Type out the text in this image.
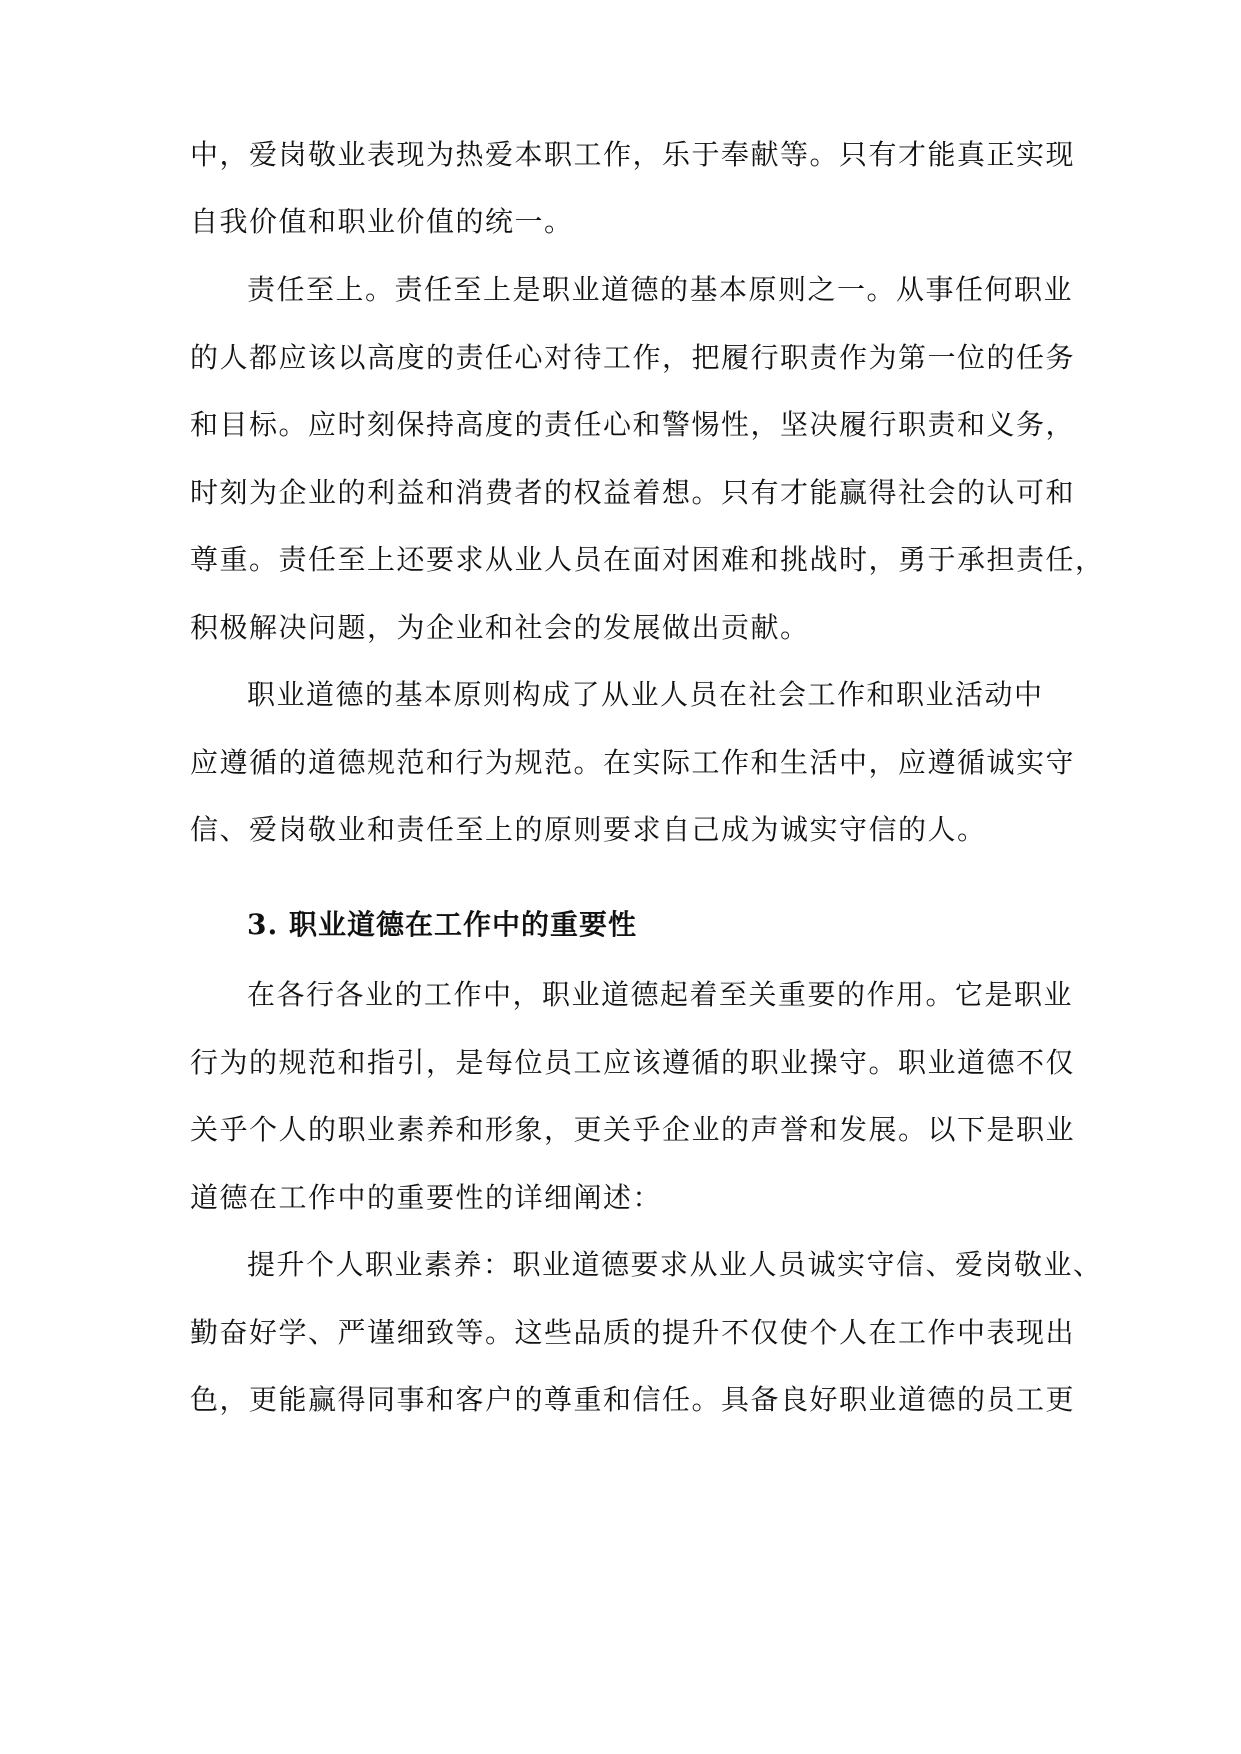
中，爱岗敬业表现为热爱本职工作，乐于奉献等。只有才能真正实现
自我价值和职业价值的统一。
责任至上。责任至上是职业道德的基本原则之一。从事任何职业
的人都应该以高度的责任心对待工作，把履行职责作为第一位的任务
和目标。应时刻保持高度的责任心和警惕性，坚决履行职责和义务，
时刻为企业的利益和消费者的权益着想。只有才能赢得社会的认可和
尊重。责任至上还要求从业人员在面对困难和挑战时，勇于承担责任，
积极解决问题，为企业和社会的发展做出贡献。
职业道德的基本原则构成了从业人员在社会工作和职业活动中
应遵循的道德规范和行为规范。在实际工作和生活中，应遵循诚实守
信、爱岗敬业和责任至上的原则要求自己成为诚实守信的人。
3. 职业道德在工作中的重要性
在各行各业的工作中，职业道德起着至关重要的作用。它是职业
行为的规范和指引，是每位员工应该遵循的职业操守。职业道德不仅
关乎个人的职业素养和形象，更关乎企业的声誉和发展。以下是职业
道德在工作中的重要性的详细阐述：
提升个人职业素养：职业道德要求从业人员诚实守信、爱岗敬业、
勤奋好学、严谨细致等。这些品质的提升不仅使个人在工作中表现出
色，更能赢得同事和客户的尊重和信任。具备良好职业道德的员工更
